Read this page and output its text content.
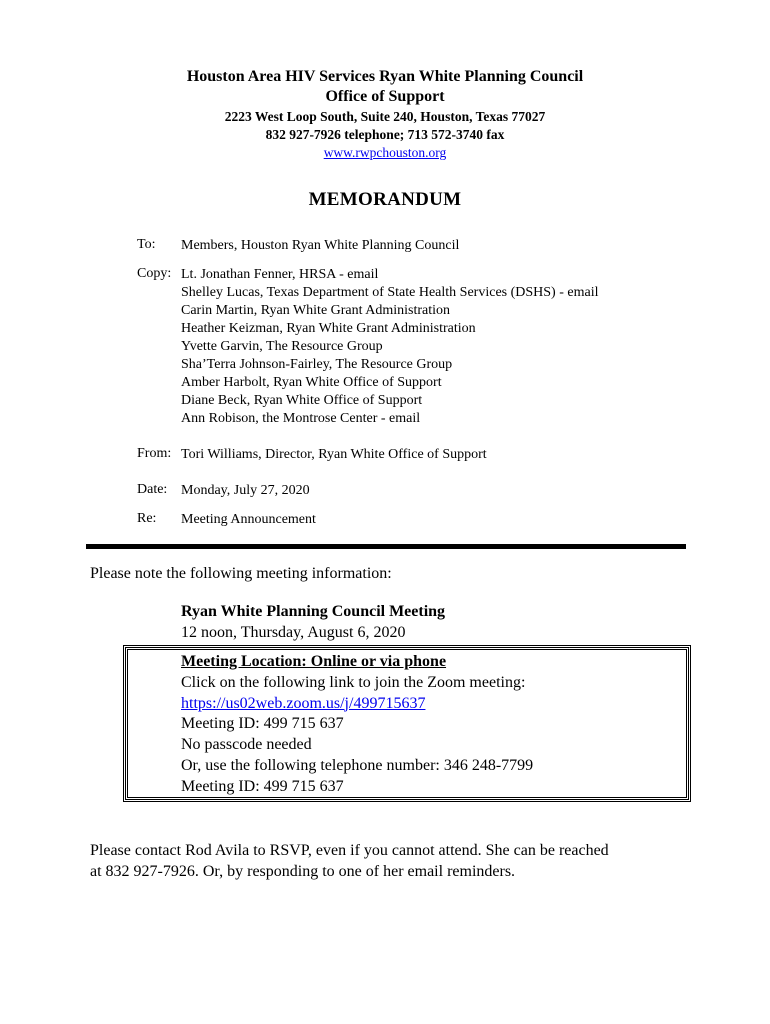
Houston Area HIV Services Ryan White Planning Council
Office of Support
2223 West Loop South, Suite 240, Houston, Texas 77027
832 927-7926 telephone; 713 572-3740 fax
www.rwpchouston.org
MEMORANDUM
To: Members, Houston Ryan White Planning Council
Copy: Lt. Jonathan Fenner, HRSA - email
Shelley Lucas, Texas Department of State Health Services (DSHS) - email
Carin Martin, Ryan White Grant Administration
Heather Keizman, Ryan White Grant Administration
Yvette Garvin, The Resource Group
Sha’Terra Johnson-Fairley, The Resource Group
Amber Harbolt, Ryan White Office of Support
Diane Beck, Ryan White Office of Support
Ann Robison, the Montrose Center - email
From: Tori Williams, Director, Ryan White Office of Support
Date: Monday, July 27, 2020
Re: Meeting Announcement
Please note the following meeting information:
Ryan White Planning Council Meeting
12 noon, Thursday, August 6, 2020
Meeting Location: Online or via phone
Click on the following link to join the Zoom meeting:
https://us02web.zoom.us/j/499715637
Meeting ID: 499 715 637
No passcode needed
Or, use the following telephone number: 346 248-7799
Meeting ID: 499 715 637
Please contact Rod Avila to RSVP, even if you cannot attend. She can be reached
at 832 927-7926. Or, by responding to one of her email reminders.
